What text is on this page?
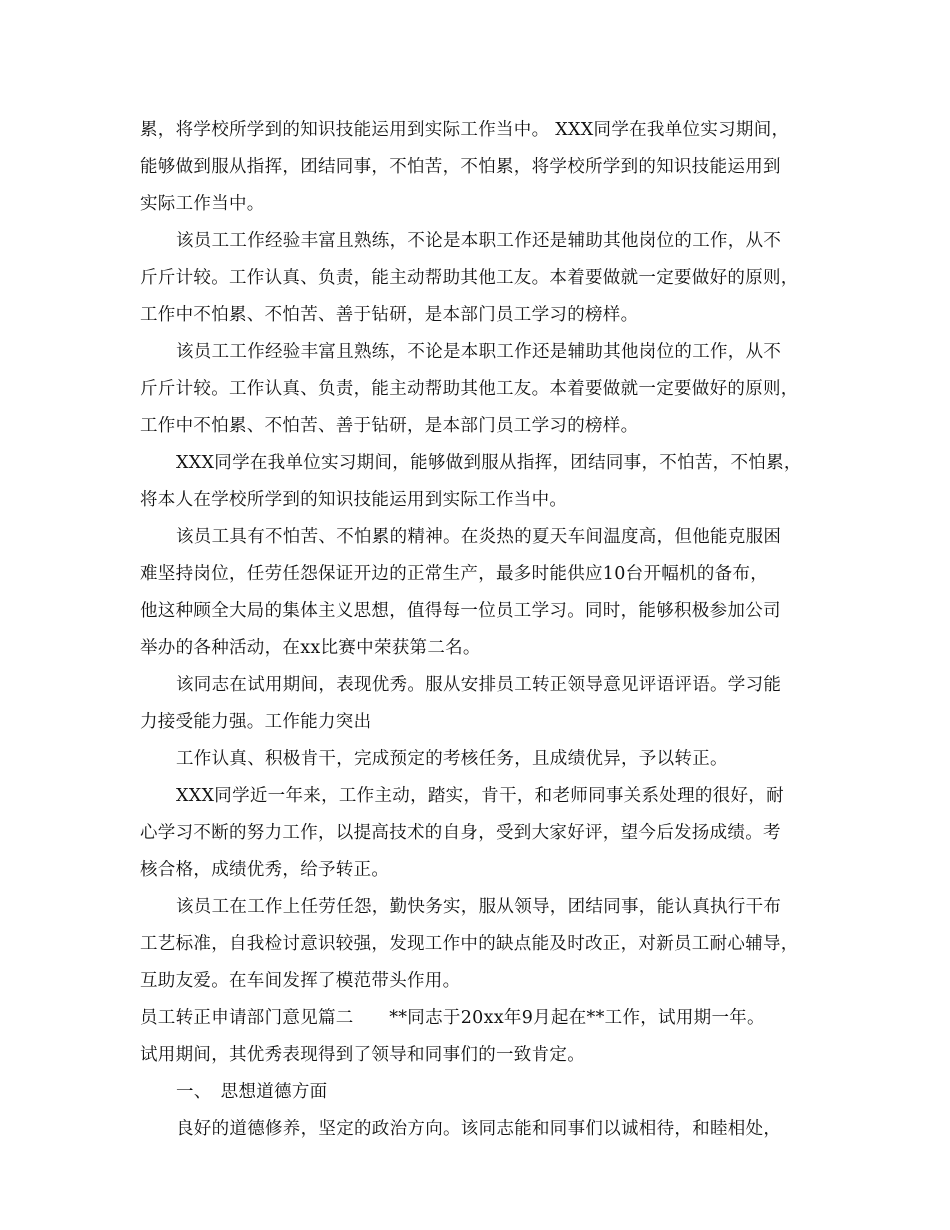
累，将学校所学到的知识技能运用到实际工作当中。 XXX同学在我单位实习期间，
能够做到服从指挥，团结同事，不怕苦，不怕累，将学校所学到的知识技能运用到
实际工作当中。
该员工工作经验丰富且熟练，不论是本职工作还是辅助其他岗位的工作，从不
斤斤计较。工作认真、负责，能主动帮助其他工友。本着要做就一定要做好的原则，
工作中不怕累、不怕苦、善于钻研，是本部门员工学习的榜样。
该员工工作经验丰富且熟练，不论是本职工作还是辅助其他岗位的工作，从不
斤斤计较。工作认真、负责，能主动帮助其他工友。本着要做就一定要做好的原则，
工作中不怕累、不怕苦、善于钻研，是本部门员工学习的榜样。
XXX同学在我单位实习期间，能够做到服从指挥，团结同事，不怕苦，不怕累，
将本人在学校所学到的知识技能运用到实际工作当中。
该员工具有不怕苦、不怕累的精神。在炎热的夏天车间温度高，但他能克服困
难坚持岗位，任劳任怨保证开边的正常生产，最多时能供应10台开幅机的备布，
他这种顾全大局的集体主义思想，值得每一位员工学习。同时，能够积极参加公司
举办的各种活动，在xx比赛中荣获第二名。
该同志在试用期间，表现优秀。服从安排员工转正领导意见评语评语。学习能
力接受能力强。工作能力突出
工作认真、积极肯干，完成预定的考核任务，且成绩优异，予以转正。
XXX同学近一年来，工作主动，踏实，肯干，和老师同事关系处理的很好，耐
心学习不断的努力工作，以提高技术的自身，受到大家好评，望今后发扬成绩。考
核合格，成绩优秀，给予转正。
该员工在工作上任劳任怨，勤快务实，服从领导，团结同事，能认真执行干布
工艺标准，自我检讨意识较强，发现工作中的缺点能及时改正，对新员工耐心辅导，
互助友爱。在车间发挥了模范带头作用。
员工转正申请部门意见篇二　　**同志于20xx年9月起在**工作，试用期一年。
试用期间，其优秀表现得到了领导和同事们的一致肯定。
一、　思想道德方面
良好的道德修养，坚定的政治方向。该同志能和同事们以诚相待，和睦相处，
